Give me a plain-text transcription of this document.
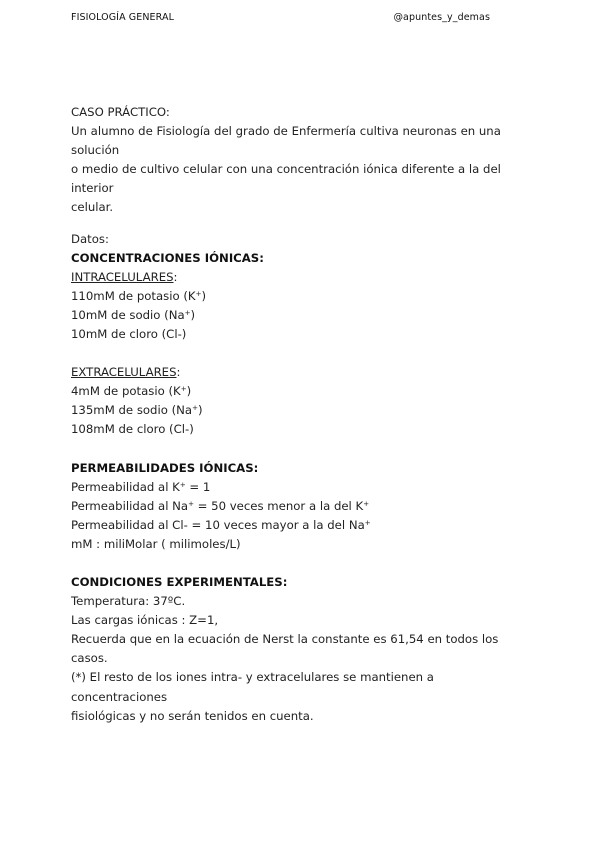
FISIOLOGÍA GENERAL	@apuntes_y_demas

CASO PRÁCTICO:

Un alumno de Fisiología del grado de Enfermería cultiva neuronas en una solución

o medio de cultivo celular con una concentración iónica diferente a la del interior

celular.

Datos:

CONCENTRACIONES IÓNICAS:

INTRACELULARES:

110mM de potasio (K+)

10mM de sodio (Na+)

10mM de cloro (Cl-)

EXTRACELULARES:

4mM de potasio (K+)

135mM de sodio (Na+)

108mM de cloro (Cl-)

PERMEABILIDADES IÓNICAS:

Permeabilidad al K+ = 1

Permeabilidad al Na+ = 50 veces menor a la del K+

Permeabilidad al Cl- = 10 veces mayor a la del Na+

mM : miliMolar ( milimoles/L)

CONDICIONES EXPERIMENTALES:

Temperatura: 37ºC.

Las cargas iónicas : Z=1,

Recuerda que en la ecuación de Nerst la constante es 61,54 en todos los casos.

(*) El resto de los iones intra- y extracelulares se mantienen a concentraciones

fisiológicas y no serán tenidos en cuenta.
